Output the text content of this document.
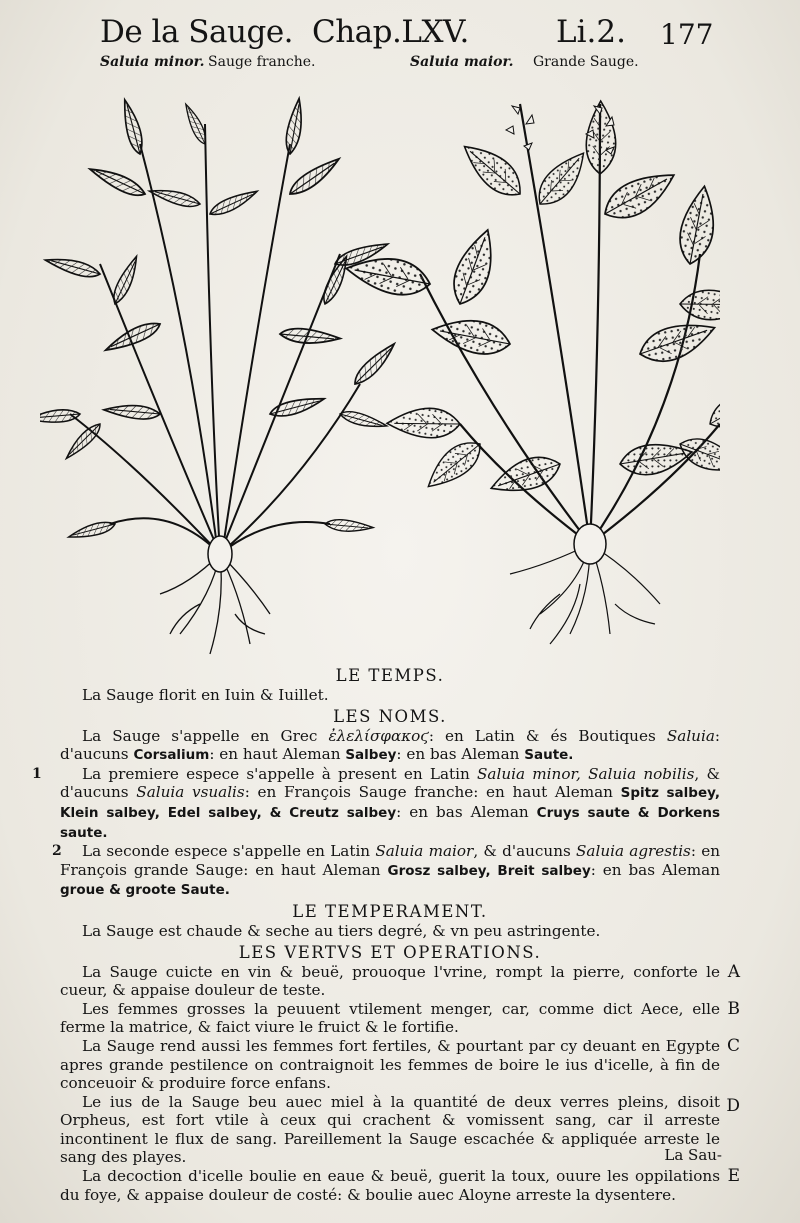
De la Sauge. Chap.LXV.	Li.2. 177
Saluia minor. Sauge franche.	Saluia maior. Grande Sauge.

LE TEMPS.

La Sauge florit en Iuin & Iuillet.

LES NOMS.

La Sauge s'appelle en Grec ἐλελίσφακοϛ: en Latin & és Boutiques Saluia: d'aucuns Corsalium: en haut Aleman Salbey: en bas Aleman Saute.

1	La premiere espece s'appelle à present en Latin Saluia minor, Saluia nobilis, & d'aucuns Saluia vsualis: en François Sauge franche: en haut Aleman Spitz salbey, Klein salbey, Edel salbey, & Creutz salbey: en bas Aleman Cruys saute & Dorkens saute.

2 La seconde espece s'appelle en Latin Saluia maior, & d'aucuns Saluia agrestis: en François grande Sauge: en haut Aleman Grosz salbey, Breit salbey: en bas Aleman groue & groote Saute.

LE TEMPERAMENT.

La Sauge est chaude & seche au tiers degré, & vn peu astringente.

LES VERTVS ET OPERATIONS.

La Sauge cuicte en vin & beuë, prouoque l'vrine, rompt la pierre, conforte le cueur, & appaise douleur de teste.
A

Les femmes grosses la peuuent vtilement menger, car, comme dict Aece, elle ferme la matrice, & faict viure le fruict & le fortifie.
B

La Sauge rend aussi les femmes fort fertiles, & pourtant par cy deuant en Egypte apres grande pestilence on contraignoit les femmes de boire le ius d'icelle, à fin de conceuoir & produire force enfans.
C

Le ius de la Sauge beu auec miel à la quantité de deux verres pleins, disoit Orpheus, est fort vtile à ceux qui crachent & vomissent sang, car il arreste incontinent le flux de sang. Pareillement la Sauge escachée & appliquée arreste le sang des playes.
D

La decoction d'icelle boulie en eaue & beuë, guerit la toux, ouure les oppilations du foye, & appaise douleur de costé: & boulie auec Aloyne arreste la dysentere.
E

La Sau-
